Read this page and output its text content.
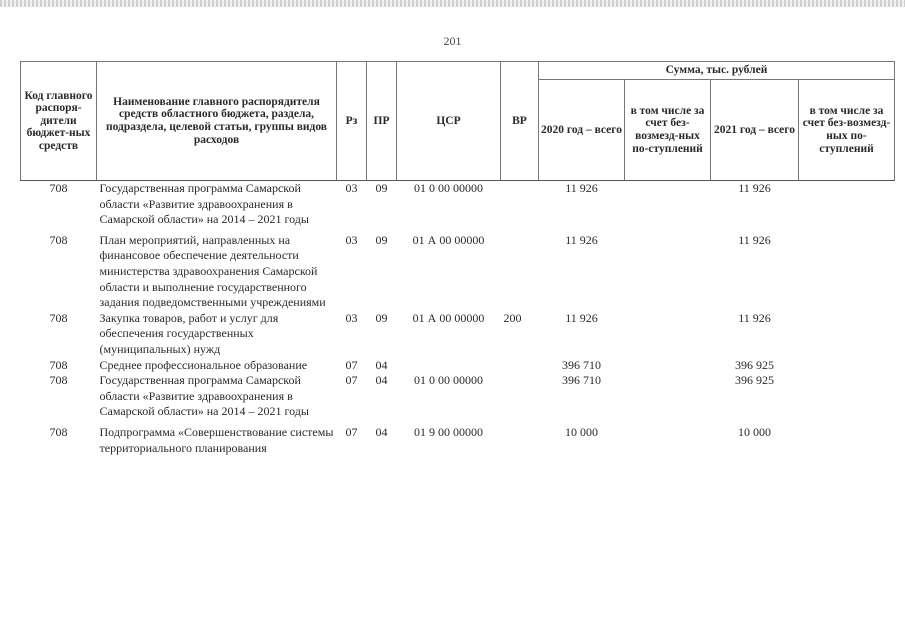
201
Код главного распоря-дители бюджет-ных средств	Наименование главного распорядителя средств областного бюджета, раздела, подраздела, целевой статьи, группы видов расходов	Рз	ПР	ЦСР	ВР	Сумма, тыс. рублей			
						2020 год – всего	в том числе за счет без-возмезд-ных по-ступлений	2021 год – всего	в том числе за счет без-возмезд-ных по-ступлений
708	Государственная программа Самарской области «Развитие здравоохранения в Самарской области» на 2014 – 2021 годы	03	09	01 0 00 00000		11 926		11 926	
708	План мероприятий, направленных на финансовое обеспечение деятельности министерства здравоохранения Самарской области и выполнение государственного задания подведомственными учреждениями	03	09	01 А 00 00000		11 926		11 926	
708	Закупка товаров, работ и услуг для обеспечения государственных (муниципальных) нужд	03	09	01 А 00 00000	200	11 926		11 926	
708	Среднее профессиональное образование	07	04			396 710		396 925	
708	Государственная программа Самарской области «Развитие здравоохранения в Самарской области» на 2014 – 2021 годы	07	04	01 0 00 00000		396 710		396 925	
708	Подпрограмма «Совершенствование системы территориального планирования	07	04	01 9 00 00000		10 000		10 000	
